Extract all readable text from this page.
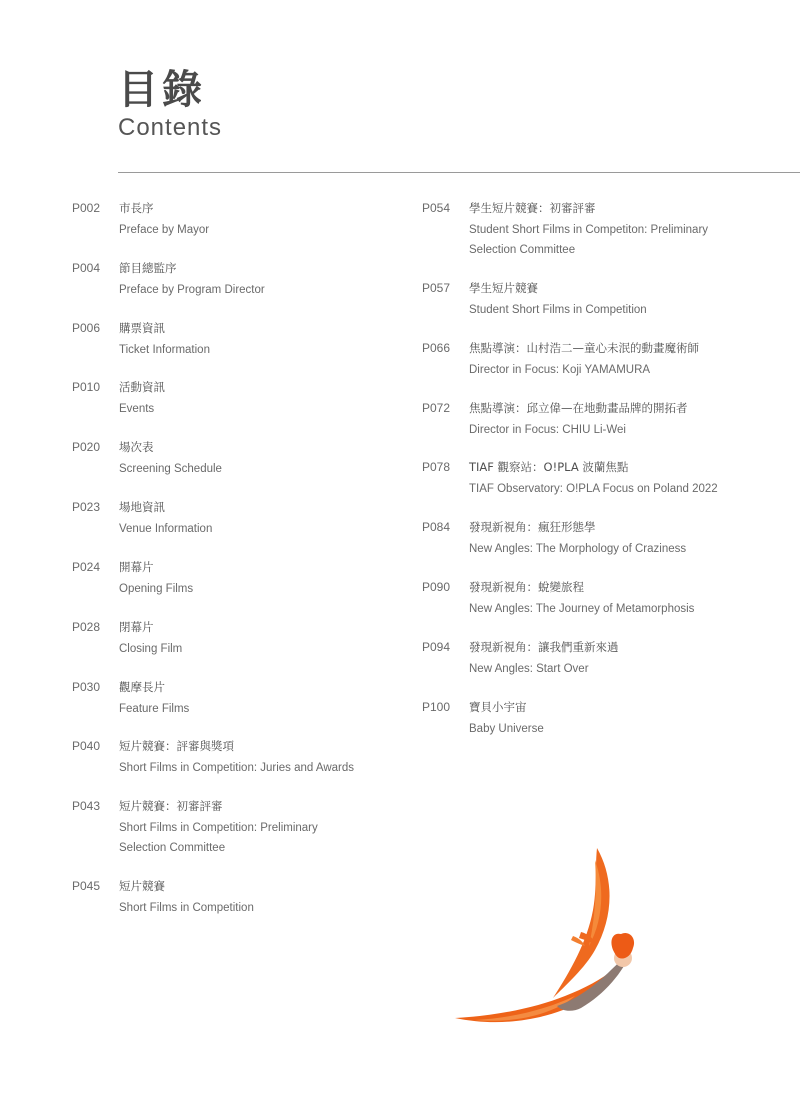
目錄
Contents
P002	市長序
Preface by Mayor
P004	節目總監序
Preface by Program Director
P006	購票資訊
Ticket Information
P010	活動資訊
Events
P020	場次表
Screening Schedule
P023	場地資訊
Venue Information
P024	開幕片
Opening Films
P028	閉幕片
Closing Film
P030	觀摩長片
Feature Films
P040	短片競賽：評審與獎項
Short Films in Competition: Juries and Awards
P043	短片競賽：初審評審
Short Films in Competition: Preliminary
Selection Committee
P045	短片競賽
Short Films in Competition
P054	學生短片競賽：初審評審
Student Short Films in Competiton: Preliminary
Selection Committee
P057	學生短片競賽
Student Short Films in Competition
P066	焦點導演：山村浩二—童心未泯的動畫魔術師
Director in Focus: Koji YAMAMURA
P072	焦點導演：邱立偉—在地動畫品牌的開拓者
Director in Focus: CHIU Li-Wei
P078	TIAF 觀察站：O!PLA 波蘭焦點
TIAF Observatory: O!PLA Focus on Poland 2022
P084	發現新視角：瘋狂形態學
New Angles: The Morphology of Craziness
P090	發現新視角：蛻變旅程
New Angles: The Journey of Metamorphosis
P094	發現新視角：讓我們重新來過
New Angles: Start Over
P100	寶貝小宇宙
Baby Universe
